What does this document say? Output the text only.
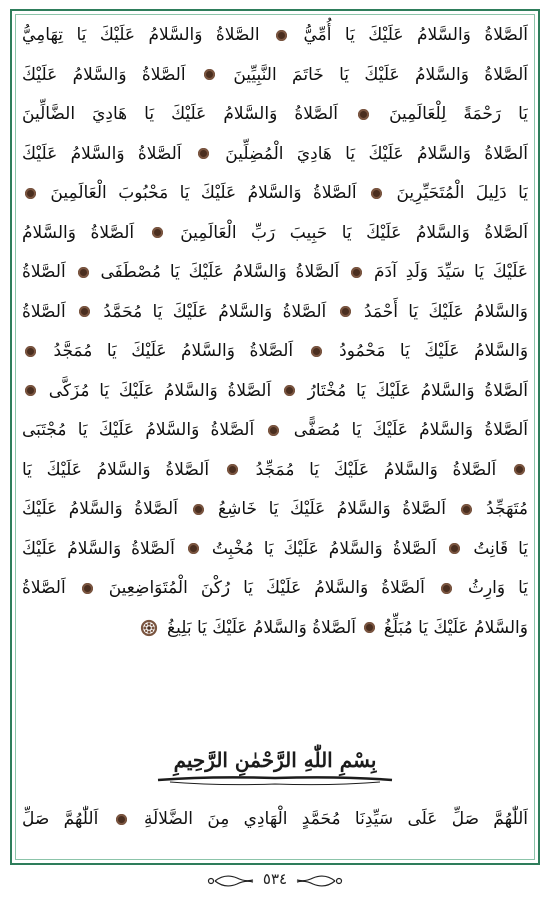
اَلصَّلاةُ وَالسَّلامُ عَلَيْكَ يَا أُمِّيُّ  الصَّلاةُ وَالسَّلامُ عَلَيْكَ يَا تِهَامِيُّ
اَلصَّلاةُ وَالسَّلامُ عَلَيْكَ يَا خَاتَمَ النَّبِيِّينَ  اَلصَّلاةُ وَالسَّلامُ عَلَيْكَ
يَا رَحْمَةً لِلْعَالَمِينَ  اَلصَّلاةُ وَالسَّلامُ عَلَيْكَ يَا هَادِيَ الضَّالِّينَ
اَلصَّلاةُ وَالسَّلامُ عَلَيْكَ يَا هَادِيَ الْمُضِلِّينَ  اَلصَّلاةُ وَالسَّلامُ عَلَيْكَ
يَا دَلِيلَ الْمُتَحَيِّرِينَ  اَلصَّلاةُ وَالسَّلامُ عَلَيْكَ يَا مَحْبُوبَ الْعَالَمِينَ
اَلصَّلاةُ وَالسَّلامُ عَلَيْكَ يَا حَبِيبَ رَبِّ الْعَالَمِينَ  اَلصَّلاةُ وَالسَّلامُ
عَلَيْكَ يَا سَيِّدَ وَلَدِ آدَمَ  اَلصَّلاةُ وَالسَّلامُ عَلَيْكَ يَا مُصْطَفَى  اَلصَّلاةُ
وَالسَّلامُ عَلَيْكَ يَا أَحْمَدُ  اَلصَّلاةُ وَالسَّلامُ عَلَيْكَ يَا مُحَمَّدُ  اَلصَّلاةُ
وَالسَّلامُ عَلَيْكَ يَا مَحْمُودُ  اَلصَّلاةُ وَالسَّلامُ عَلَيْكَ يَا مُمَجَّدُ
اَلصَّلاةُ وَالسَّلامُ عَلَيْكَ يَا مُخْتَارُ  اَلصَّلاةُ وَالسَّلامُ عَلَيْكَ يَا مُزَكَّى
اَلصَّلاةُ وَالسَّلامُ عَلَيْكَ يَا مُصَفًّى  اَلصَّلاةُ وَالسَّلامُ عَلَيْكَ يَا مُجْتَبَى
اَلصَّلاةُ وَالسَّلامُ عَلَيْكَ يَا مُمَجِّدُ  اَلصَّلاةُ وَالسَّلامُ عَلَيْكَ يَا
مُتَهَجِّدُ  اَلصَّلاةُ وَالسَّلامُ عَلَيْكَ يَا خَاشِعُ  اَلصَّلاةُ وَالسَّلامُ عَلَيْكَ
يَا قَانِتُ  اَلصَّلاةُ وَالسَّلامُ عَلَيْكَ يَا مُخْبِتُ  اَلصَّلاةُ وَالسَّلامُ عَلَيْكَ
يَا وَارِثُ  اَلصَّلاةُ وَالسَّلامُ عَلَيْكَ يَا رُكْنَ الْمُتَوَاضِعِينَ  اَلصَّلاةُ
وَالسَّلامُ عَلَيْكَ يَا مُبَلِّغُ  اَلصَّلاةُ وَالسَّلامُ عَلَيْكَ يَا بَلِيغُ
بِسْمِ اللّٰهِ الرَّحْمٰنِ الرَّحِيمِ
اَللّٰهُمَّ صَلِّ عَلَى سَيِّدِنَا مُحَمَّدٍ الْهَادِي مِنَ الضَّلالَةِ  اَللّٰهُمَّ صَلِّ
٥٣٤
